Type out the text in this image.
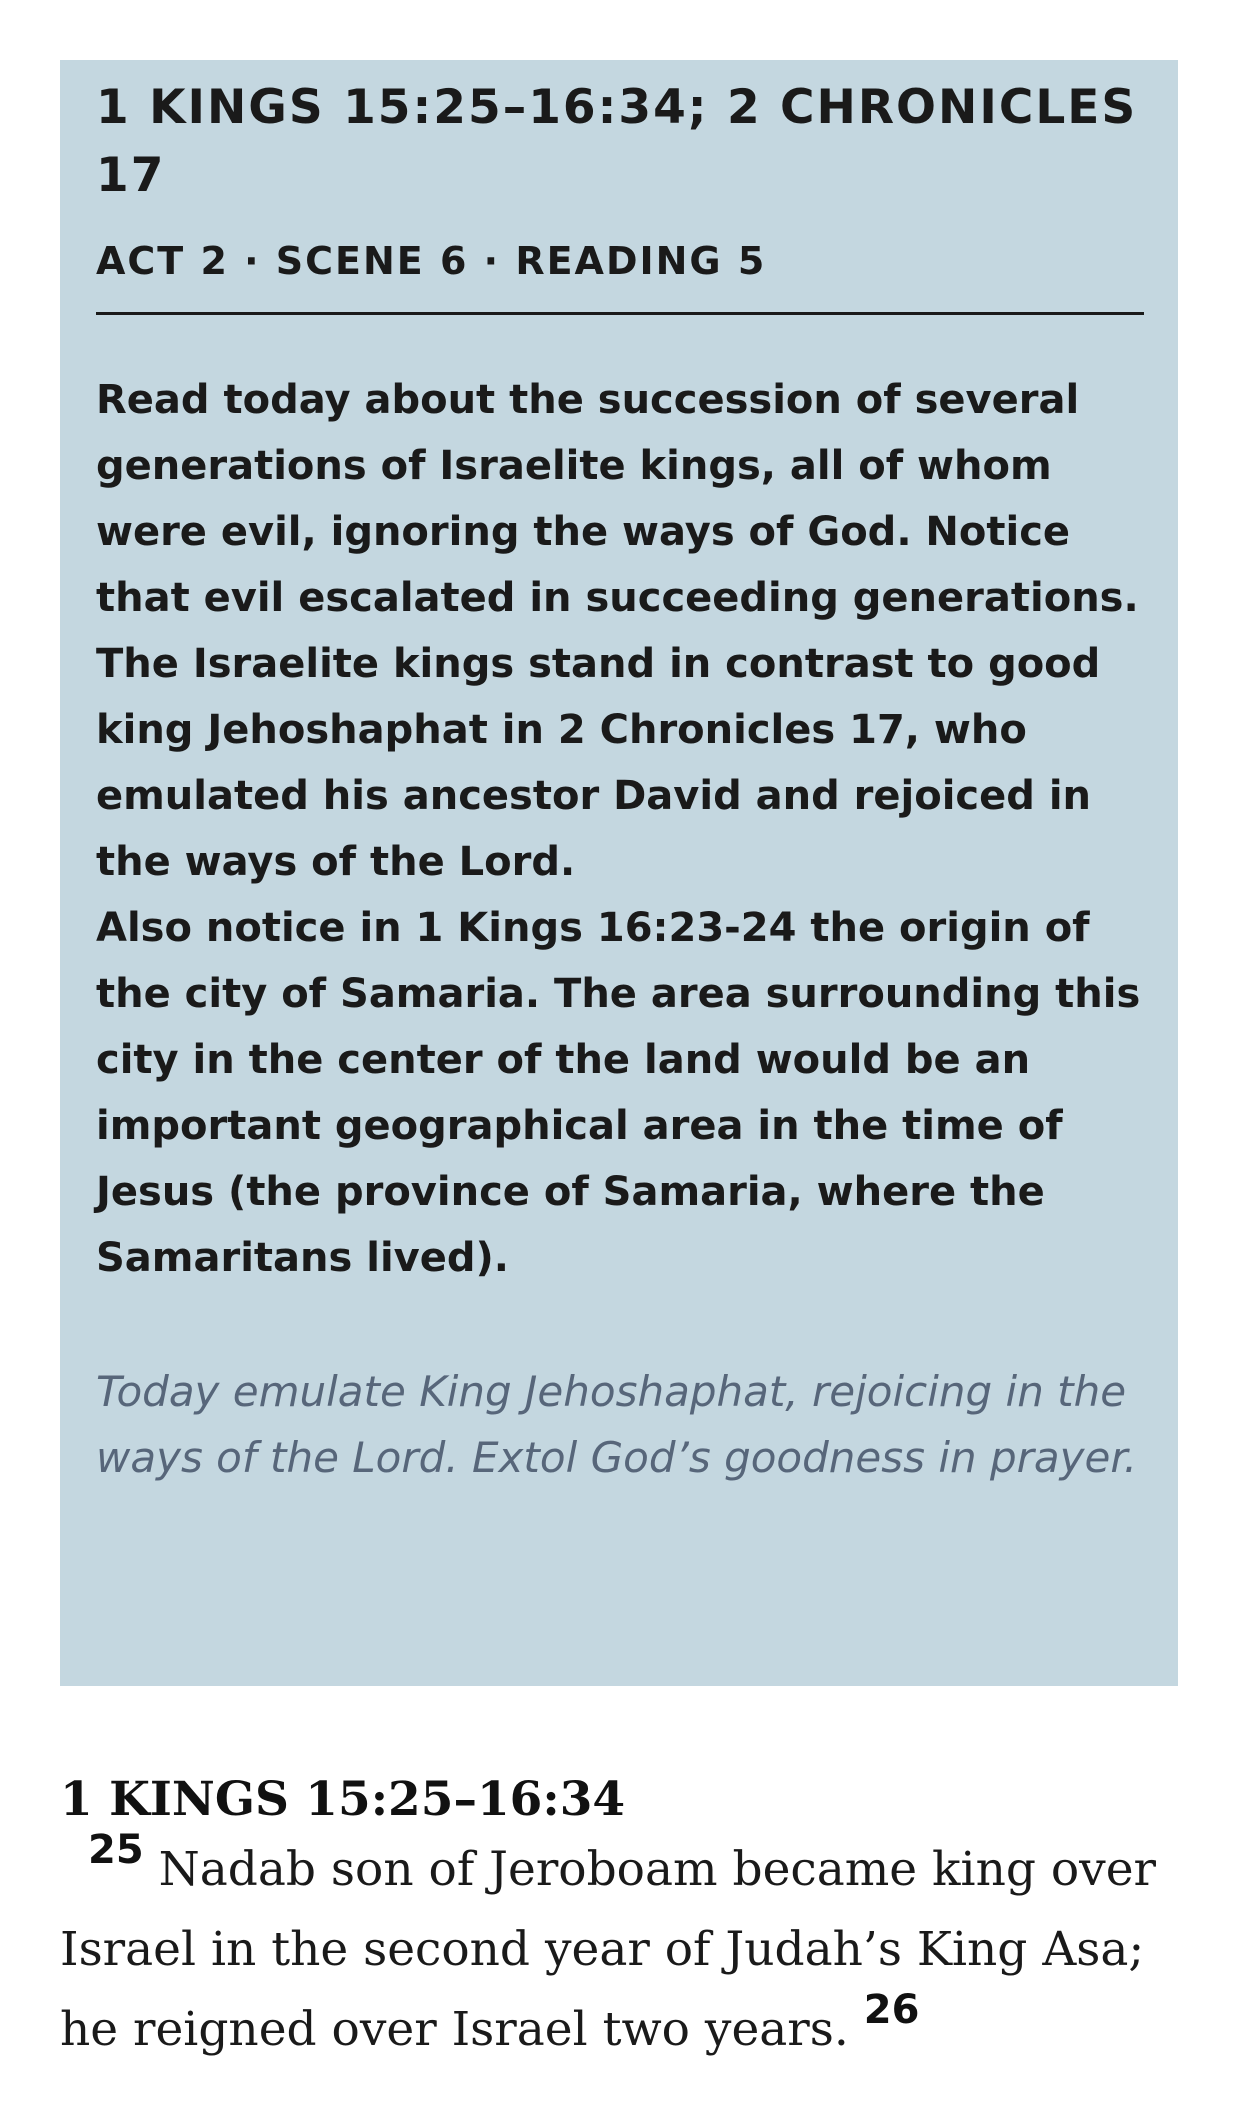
1 KINGS 15:25–16:34; 2 CHRONICLES 17
ACT 2 · SCENE 6 · READING 5

Read today about the succession of several generations of Israelite kings, all of whom were evil, ignoring the ways of God. Notice that evil escalated in succeeding generations. The Israelite kings stand in contrast to good king Jehoshaphat in 2 Chronicles 17, who emulated his ancestor David and rejoiced in the ways of the Lord.

Also notice in 1 Kings 16:23-24 the origin of the city of Samaria. The area surrounding this city in the center of the land would be an important geographical area in the time of Jesus (the province of Samaria, where the Samaritans lived).

Today emulate King Jehoshaphat, rejoicing in the ways of the Lord. Extol God’s goodness in prayer.
1 KINGS 15:25–16:34

25 Nadab son of Jeroboam became king over Israel in the second year of Judah’s King Asa; he reigned over Israel two years. 26
